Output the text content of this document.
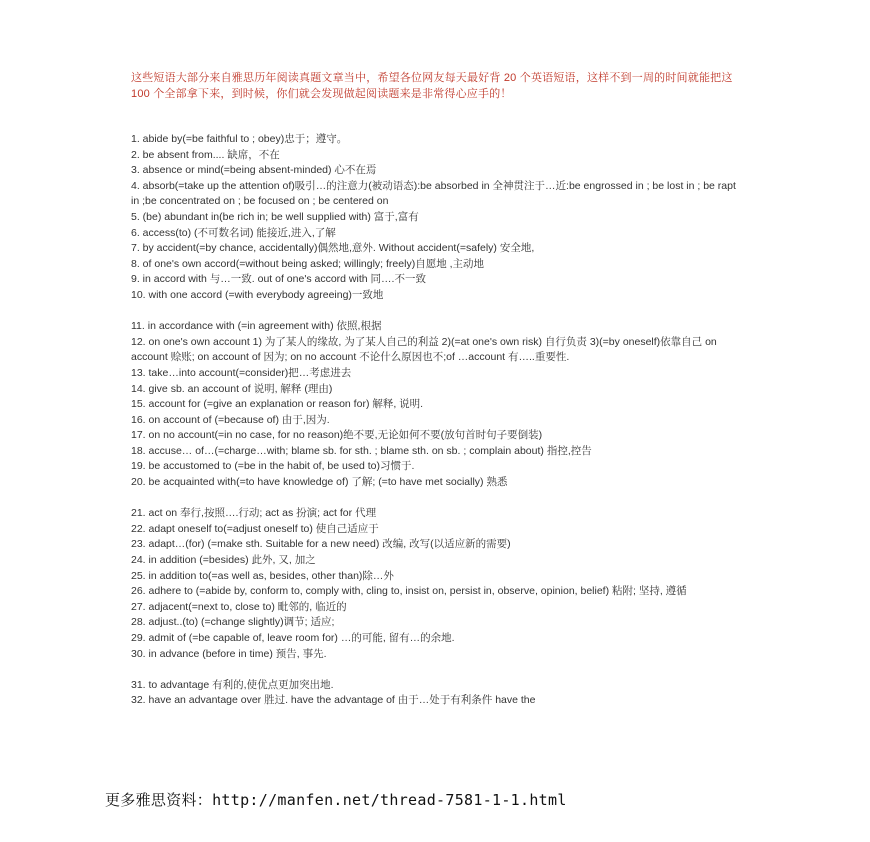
这些短语大部分来自雅思历年阅读真题文章当中，希望各位网友每天最好背 20 个英语短语，这样不到一周的时间就能把这 100 个全部拿下来，到时候，你们就会发现做起阅读题来是非常得心应手的！

1. abide by(=be faithful to ; obey)忠于；遵守。

2. be absent from.... 缺席，不在

3. absence or mind(=being absent-minded) 心不在焉

4. absorb(=take up the attention of)吸引…的注意力(被动语态):be absorbed in 全神贯注于…近:be engrossed in ; be lost in ; be rapt in ;be concentrated on ; be focused on ; be centered on

5. (be) abundant in(be rich in; be well supplied with) 富于,富有

6. access(to) (不可数名词) 能接近,进入,了解

7. by accident(=by chance, accidentally)偶然地,意外. Without accident(=safely) 安全地,

8. of one's own accord(=without being asked; willingly; freely)自愿地 ,主动地

9. in accord with 与…一致. out of one's accord with 同….不一致

10. with one accord (=with everybody agreeing)一致地

11. in accordance with (=in agreement with) 依照,根据

12. on one's own account 1) 为了某人的缘故, 为了某人自己的利益 2)(=at one's own risk) 自行负责 3)(=by oneself)依靠自己 on account 赊账; on account of 因为; on no account 不论什么原因也不;of …account 有…..重要性.

13. take…into account(=consider)把…考虑进去

14. give sb. an account of 说明, 解释 (理由)

15. account for (=give an explanation or reason for) 解释, 说明.

16. on account of (=because of) 由于,因为.

17. on no account(=in no case, for no reason)绝不要,无论如何不要(放句首时句子要倒装)

18. accuse… of…(=charge…with; blame sb. for sth. ; blame sth. on sb. ; complain about) 指控,控告

19. be accustomed to (=be in the habit of, be used to)习惯于.

20. be acquainted with(=to have knowledge of) 了解; (=to have met socially) 熟悉

21. act on 奉行,按照….行动; act as 扮演; act for 代理

22. adapt oneself to(=adjust oneself to) 使自己适应于

23. adapt…(for) (=make sth. Suitable for a new need) 改编, 改写(以适应新的需要)

24. in addition (=besides) 此外, 又, 加之

25. in addition to(=as well as, besides, other than)除…外

26. adhere to (=abide by, conform to, comply with, cling to, insist on, persist in, observe, opinion, belief) 粘附; 坚持, 遵循

27. adjacent(=next to, close to) 毗邻的, 临近的

28. adjust..(to) (=change slightly)调节; 适应;

29. admit of (=be capable of, leave room for) …的可能, 留有…的余地.

30. in advance (before in time) 预告, 事先.

31. to advantage 有利的,使优点更加突出地.

32. have an advantage over 胜过. have the advantage of 由于…处于有利条件 have the

更多雅思资料：http://manfen.net/thread-7581-1-1.html
